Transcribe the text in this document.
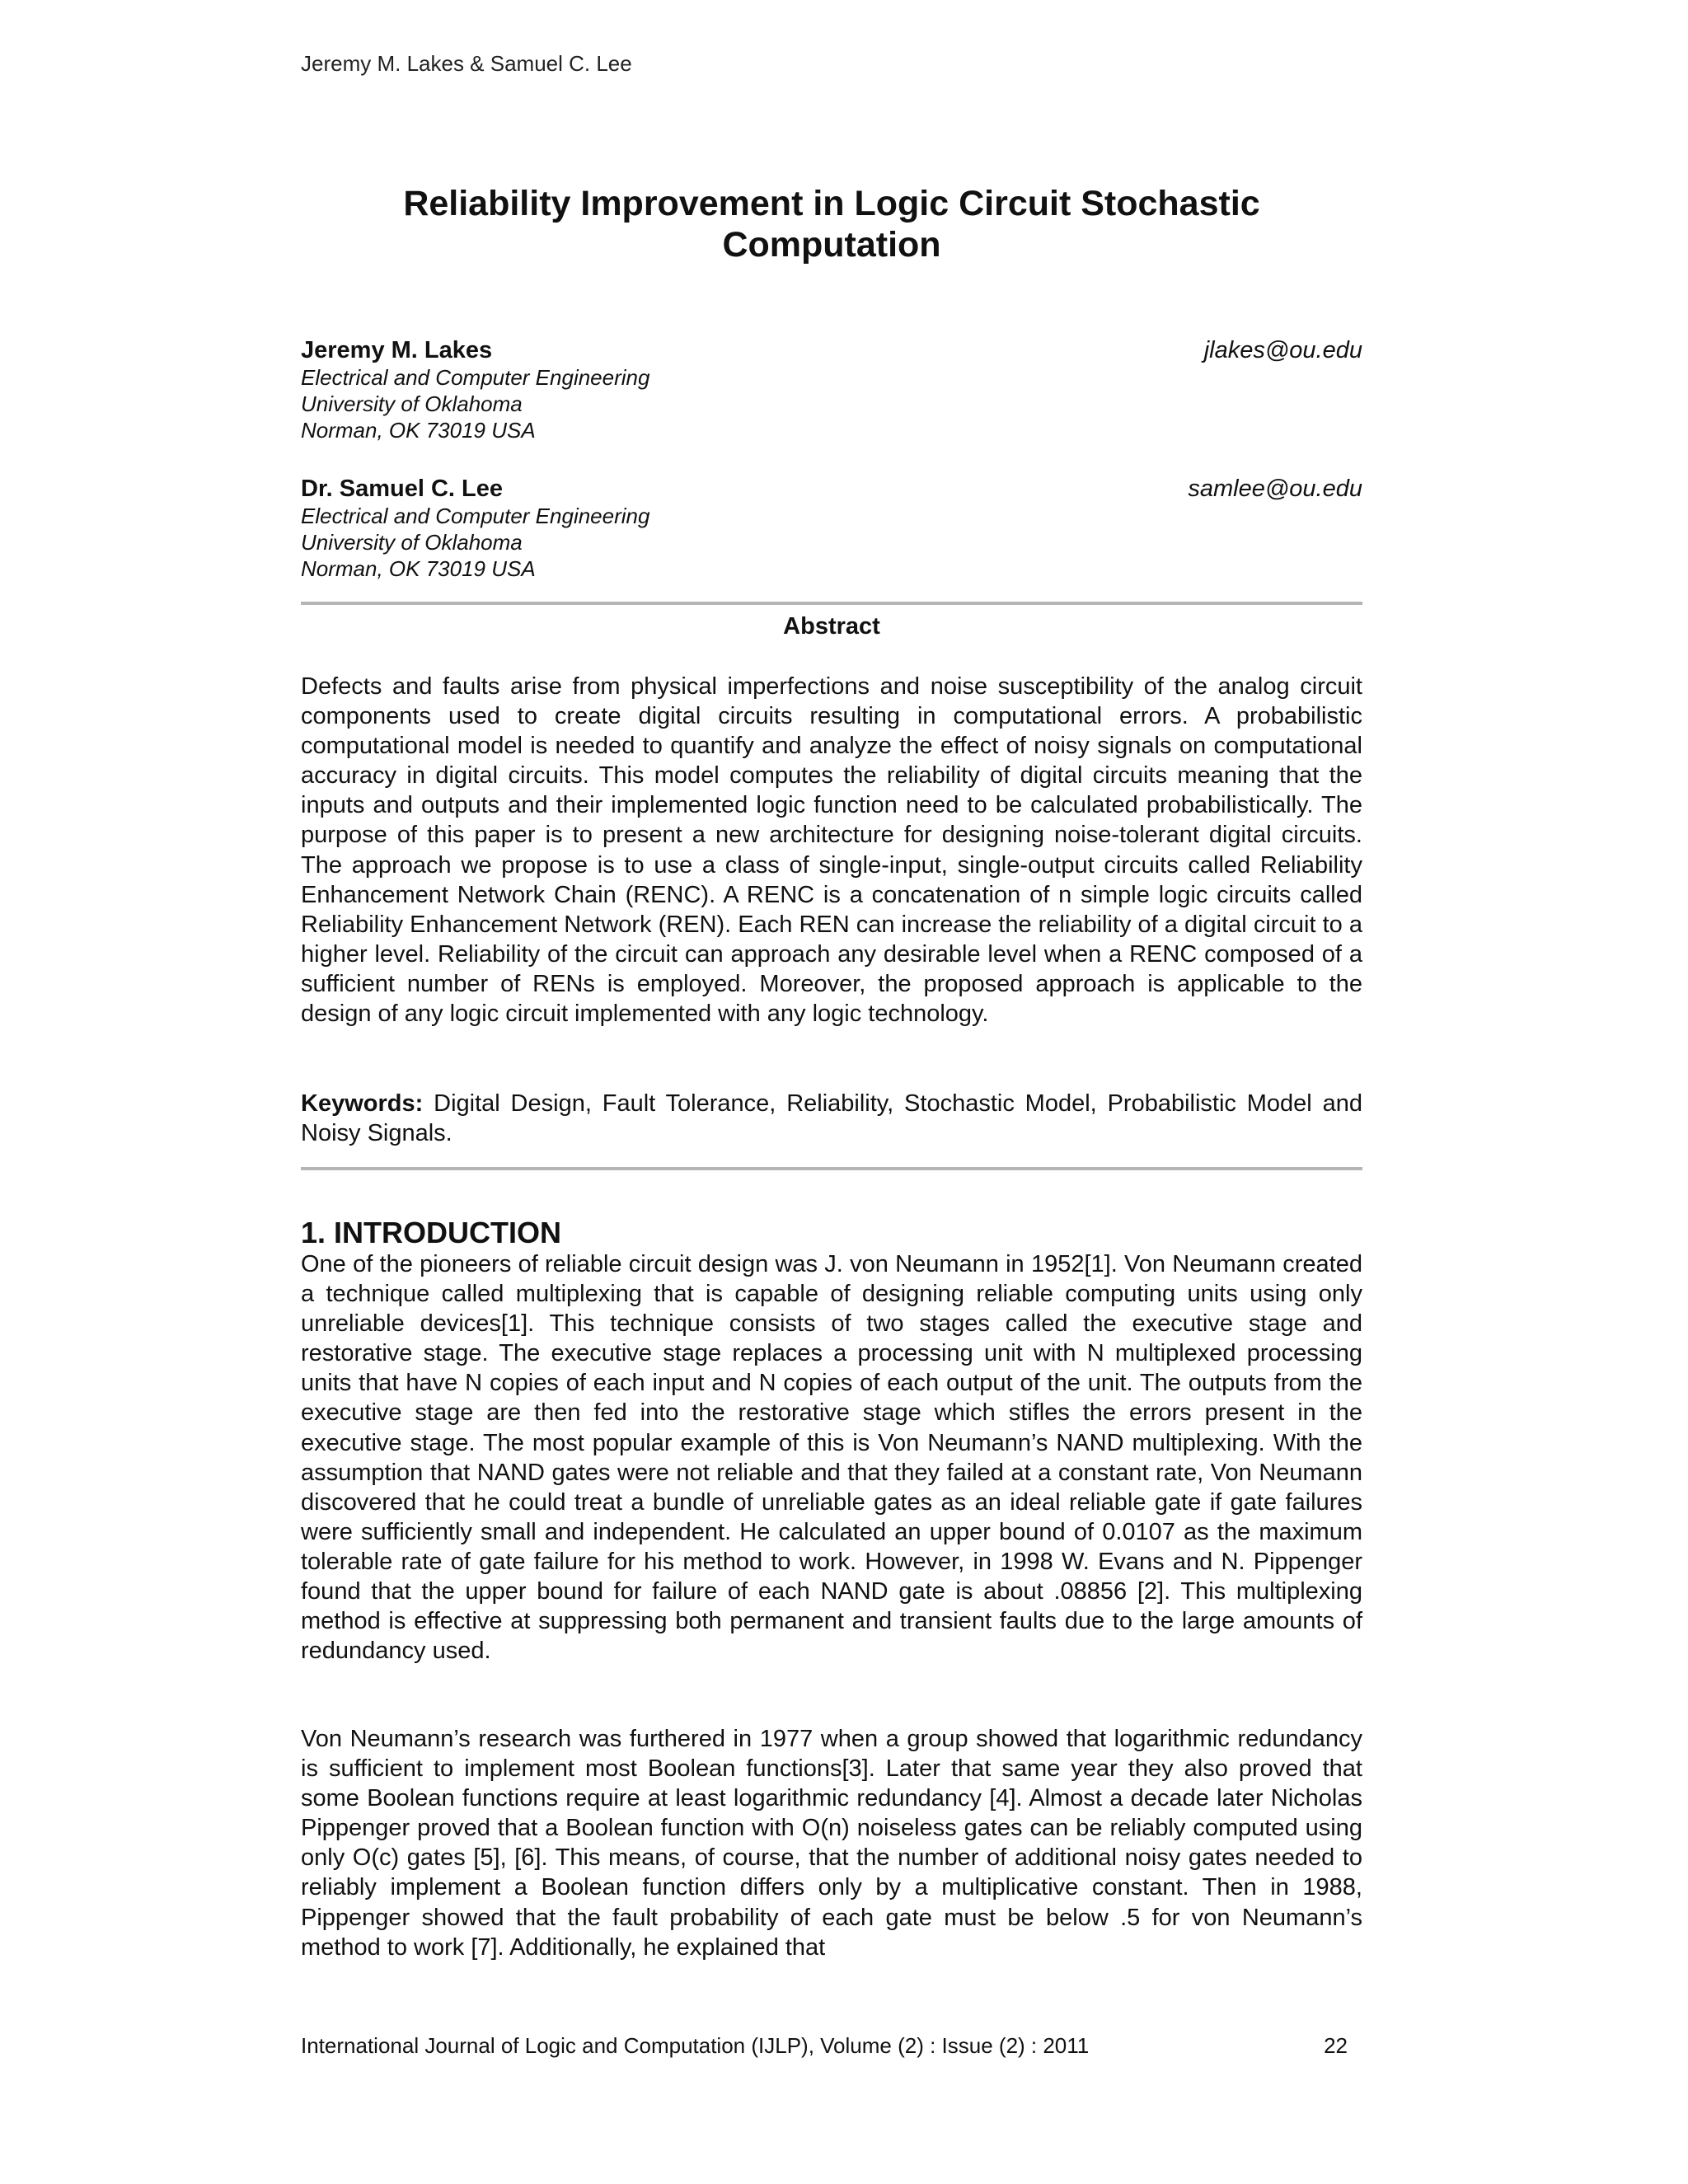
Jeremy M. Lakes & Samuel C. Lee
Reliability Improvement in Logic Circuit Stochastic
Computation
Jeremy M. Lakes	jlakes@ou.edu
Electrical and Computer Engineering
University of Oklahoma
Norman, OK 73019 USA
Dr. Samuel C. Lee	samlee@ou.edu
Electrical and Computer Engineering
University of Oklahoma
Norman, OK 73019 USA
Abstract

Defects and faults arise from physical imperfections and noise susceptibility of the analog circuit components used to create digital circuits resulting in computational errors. A probabilistic computational model is needed to quantify and analyze the effect of noisy signals on computational accuracy in digital circuits. This model computes the reliability of digital circuits meaning that the inputs and outputs and their implemented logic function need to be calculated probabilistically. The purpose of this paper is to present a new architecture for designing noise-tolerant digital circuits. The approach we propose is to use a class of single-input, single-output circuits called Reliability Enhancement Network Chain (RENC). A RENC is a concatenation of n simple logic circuits called Reliability Enhancement Network (REN). Each REN can increase the reliability of a digital circuit to a higher level. Reliability of the circuit can approach any desirable level when a RENC composed of a sufficient number of RENs is employed. Moreover, the proposed approach is applicable to the design of any logic circuit implemented with any logic technology.

Keywords: Digital Design, Fault Tolerance, Reliability, Stochastic Model, Probabilistic Model and Noisy Signals.

1. INTRODUCTION

One of the pioneers of reliable circuit design was J. von Neumann in 1952[1]. Von Neumann created a technique called multiplexing that is capable of designing reliable computing units using only unreliable devices[1]. This technique consists of two stages called the executive stage and restorative stage. The executive stage replaces a processing unit with N multiplexed processing units that have N copies of each input and N copies of each output of the unit. The outputs from the executive stage are then fed into the restorative stage which stifles the errors present in the executive stage. The most popular example of this is Von Neumann’s NAND multiplexing. With the assumption that NAND gates were not reliable and that they failed at a constant rate, Von Neumann discovered that he could treat a bundle of unreliable gates as an ideal reliable gate if gate failures were sufficiently small and independent. He calculated an upper bound of 0.0107 as the maximum tolerable rate of gate failure for his method to work. However, in 1998 W. Evans and N. Pippenger found that the upper bound for failure of each NAND gate is about .08856 [2]. This multiplexing method is effective at suppressing both permanent and transient faults due to the large amounts of redundancy used.

Von Neumann’s research was furthered in 1977 when a group showed that logarithmic redundancy is sufficient to implement most Boolean functions[3]. Later that same year they also proved that some Boolean functions require at least logarithmic redundancy [4]. Almost a decade later Nicholas Pippenger proved that a Boolean function with O(n) noiseless gates can be reliably computed using only O(c) gates [5], [6]. This means, of course, that the number of additional noisy gates needed to reliably implement a Boolean function differs only by a multiplicative constant. Then in 1988, Pippenger showed that the fault probability of each gate must be below .5 for von Neumann’s method to work [7]. Additionally, he explained that

International Journal of Logic and Computation (IJLP), Volume (2) : Issue (2) : 2011	22
